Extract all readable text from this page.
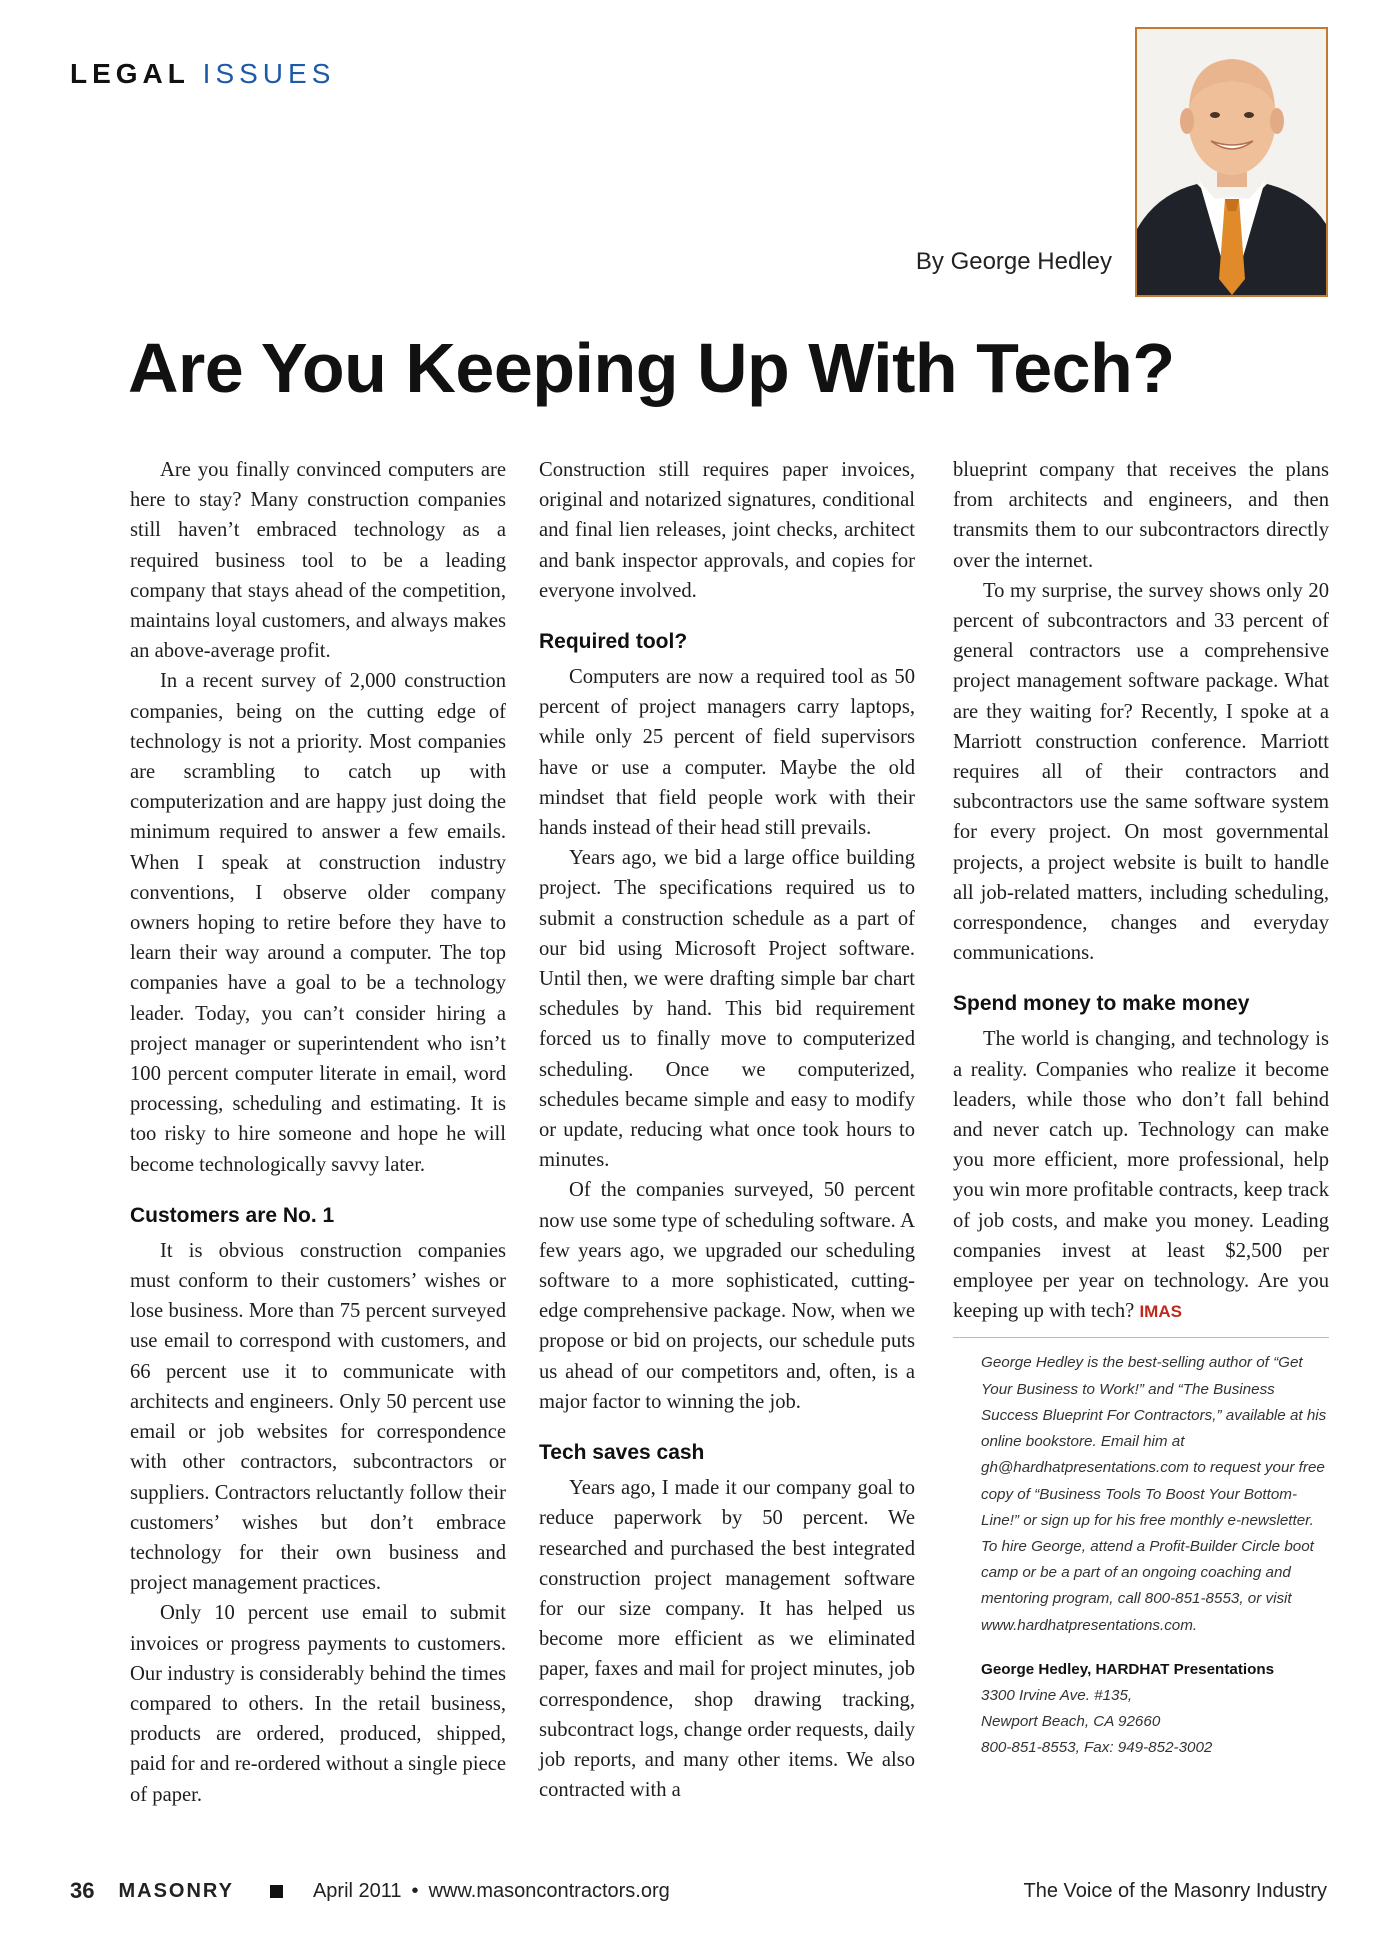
LEGAL ISSUES
By George Hedley
Are You Keeping Up With Tech?

Are you finally convinced computers are here to stay? Many construction companies still haven’t embraced technology as a required business tool to be a leading company that stays ahead of the competition, maintains loyal customers, and always makes an above-average profit.

In a recent survey of 2,000 construction companies, being on the cutting edge of technology is not a priority. Most companies are scrambling to catch up with computerization and are happy just doing the minimum required to answer a few emails. When I speak at construction industry conventions, I observe older company owners hoping to retire before they have to learn their way around a computer. The top companies have a goal to be a technology leader. Today, you can’t consider hiring a project manager or superintendent who isn’t 100 percent computer literate in email, word processing, scheduling and estimating. It is too risky to hire someone and hope he will become technologically savvy later.

Customers are No. 1

It is obvious construction companies must conform to their customers’ wishes or lose business. More than 75 percent surveyed use email to correspond with customers, and 66 percent use it to communicate with architects and engineers. Only 50 percent use email or job websites for correspondence with other contractors, subcontractors or suppliers. Contractors reluctantly follow their customers’ wishes but don’t embrace technology for their own business and project management practices.

Only 10 percent use email to submit invoices or progress payments to customers. Our industry is considerably behind the times compared to others. In the retail business, products are ordered, produced, shipped, paid for and re-ordered without a single piece of paper.

Construction still requires paper invoices, original and notarized signatures, conditional and final lien releases, joint checks, architect and bank inspector approvals, and copies for everyone involved.

Required tool?

Computers are now a required tool as 50 percent of project managers carry laptops, while only 25 percent of field supervisors have or use a computer. Maybe the old mindset that field people work with their hands instead of their head still prevails.

Years ago, we bid a large office building project. The specifications required us to submit a construction schedule as a part of our bid using Microsoft Project software. Until then, we were drafting simple bar chart schedules by hand. This bid requirement forced us to finally move to computerized scheduling. Once we computerized, schedules became simple and easy to modify or update, reducing what once took hours to minutes.

Of the companies surveyed, 50 percent now use some type of scheduling software. A few years ago, we upgraded our scheduling software to a more sophisticated, cutting-edge comprehensive package. Now, when we propose or bid on projects, our schedule puts us ahead of our competitors and, often, is a major factor to winning the job.

Tech saves cash

Years ago, I made it our company goal to reduce paperwork by 50 percent. We researched and purchased the best integrated construction project management software for our size company. It has helped us become more efficient as we eliminated paper, faxes and mail for project minutes, job correspondence, shop drawing tracking, subcontract logs, change order requests, daily job reports, and many other items. We also contracted with a

blueprint company that receives the plans from architects and engineers, and then transmits them to our subcontractors directly over the internet.

To my surprise, the survey shows only 20 percent of subcontractors and 33 percent of general contractors use a comprehensive project management software package. What are they waiting for? Recently, I spoke at a Marriott construction conference. Marriott requires all of their contractors and subcontractors use the same software system for every project. On most governmental projects, a project website is built to handle all job-related matters, including scheduling, correspondence, changes and everyday communications.

Spend money to make money

The world is changing, and technology is a reality. Companies who realize it become leaders, while those who don’t fall behind and never catch up. Technology can make you more efficient, more professional, help you win more profitable contracts, keep track of job costs, and make you money. Leading companies invest at least $2,500 per employee per year on technology. Are you keeping up with tech? IMAS

George Hedley is the best-selling author of “Get Your Business to Work!” and “The Business Success Blueprint For Contractors,” available at his online bookstore. Email him at gh@hardhatpresentations.com to request your free copy of “Business Tools To Boost Your Bottom-Line!” or sign up for his free monthly e-newsletter. To hire George, attend a Profit-Builder Circle boot camp or be a part of an ongoing coaching and mentoring program, call 800-851-8553, or visit www.hardhatpresentations.com.
George Hedley, HARDHAT Presentations
3300 Irvine Ave. #135,
Newport Beach, CA 92660
800-851-8553, Fax: 949-852-3002
36 MASONRY	April 2011 • www.masoncontractors.org	The Voice of the Masonry Industry
